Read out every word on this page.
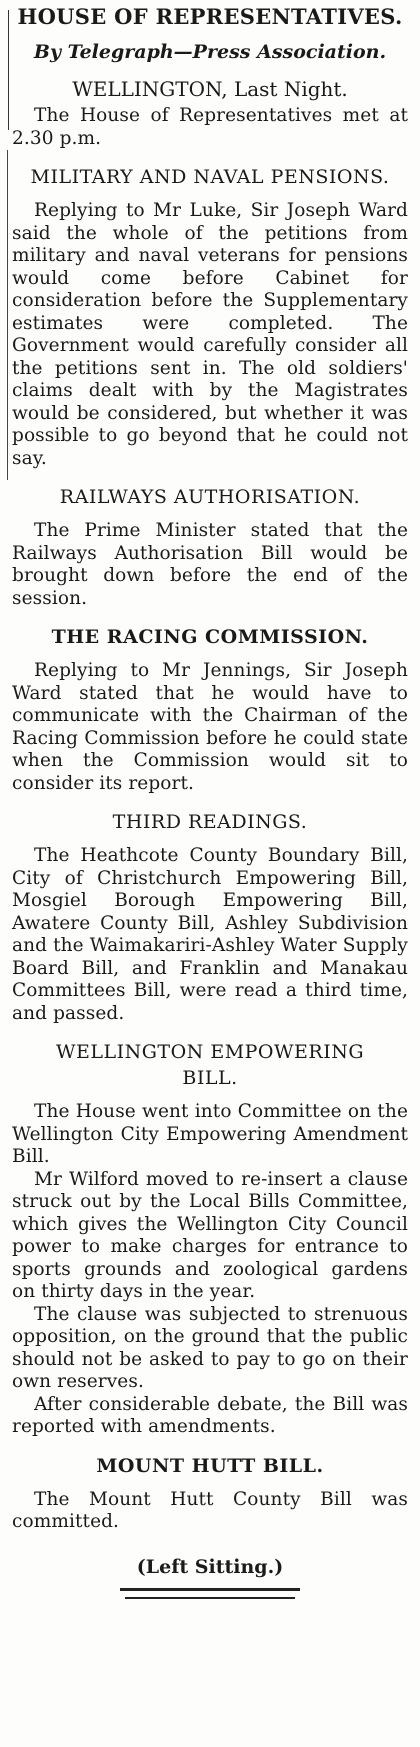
HOUSE OF REPRESENTATIVES.
By Telegraph—Press Association.
WELLINGTON, Last Night.

The House of Representatives met at 2.30 p.m.

MILITARY AND NAVAL PENSIONS.

Replying to Mr Luke, Sir Joseph Ward said the whole of the petitions from military and naval veterans for pensions would come before Cabinet for consideration before the Supplementary estimates were completed. The Government would carefully consider all the petitions sent in. The old soldiers' claims dealt with by the Magistrates would be considered, but whether it was possible to go beyond that he could not say.

RAILWAYS AUTHORISATION.

The Prime Minister stated that the Railways Authorisation Bill would be brought down before the end of the session.

THE RACING COMMISSION.

Replying to Mr Jennings, Sir Joseph Ward stated that he would have to communicate with the Chairman of the Racing Commission before he could state when the Commission would sit to consider its report.

THIRD READINGS.

The Heathcote County Boundary Bill, City of Christchurch Empowering Bill, Mosgiel Borough Empowering Bill, Awatere County Bill, Ashley Subdivision and the Waimakariri-Ashley Water Supply Board Bill, and Franklin and Manakau Committees Bill, were read a third time, and passed.

WELLINGTON EMPOWERING BILL.

The House went into Committee on the Wellington City Empowering Amendment Bill.

Mr Wilford moved to re-insert a clause struck out by the Local Bills Committee, which gives the Wellington City Council power to make charges for entrance to sports grounds and zoological gardens on thirty days in the year.

The clause was subjected to strenuous opposition, on the ground that the public should not be asked to pay to go on their own reserves.

After considerable debate, the Bill was reported with amendments.

MOUNT HUTT BILL.

The Mount Hutt County Bill was committed.

(Left Sitting.)
